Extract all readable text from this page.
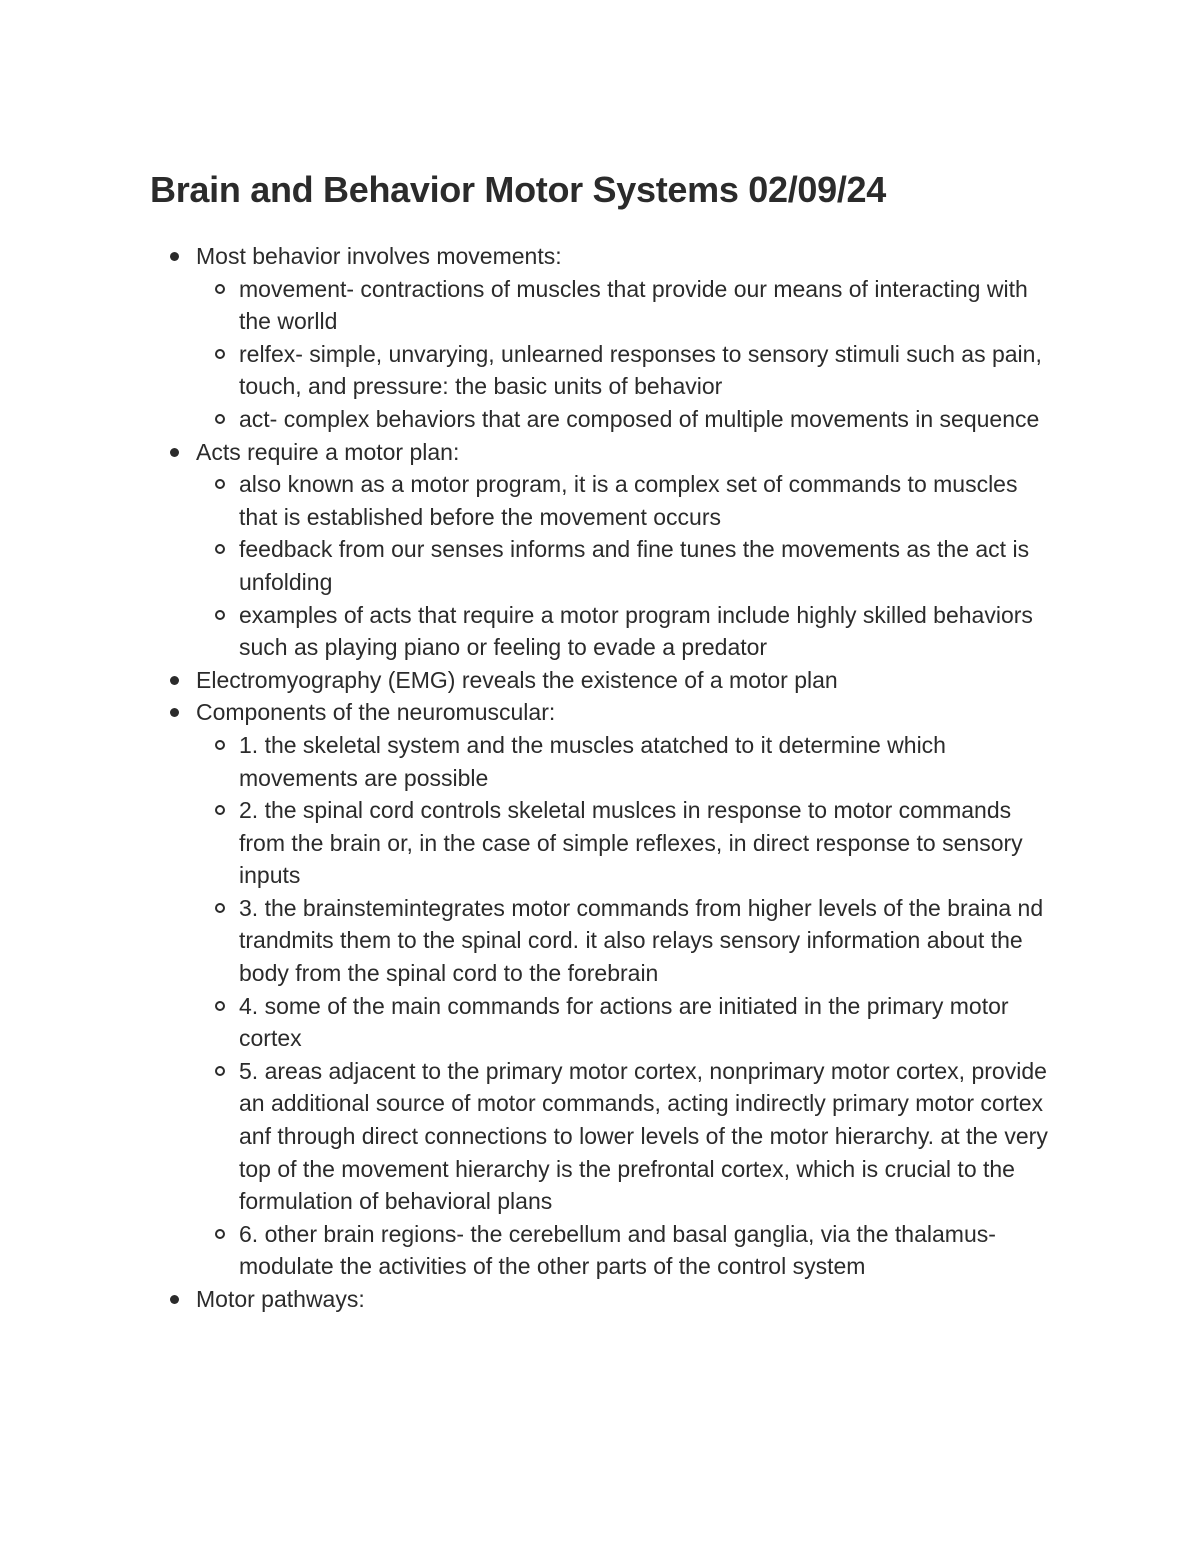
Brain and Behavior Motor Systems 02/09/24
Most behavior involves movements:
movement- contractions of muscles that provide our means of interacting with the worlld
relfex- simple, unvarying, unlearned responses to sensory stimuli such as pain, touch, and pressure: the basic units of behavior
act- complex behaviors that are composed of multiple movements in sequence
Acts require a motor plan:
also known as a motor program, it is a complex set of commands to muscles that is established before the movement occurs
feedback from our senses informs and fine tunes the movements as the act is unfolding
examples of acts that require a motor program include highly skilled behaviors such as playing piano or feeling to evade a predator
Electromyography (EMG) reveals the existence of a motor plan
Components of the neuromuscular:
1. the skeletal system and the muscles atatched to it determine which movements are possible
2. the spinal cord controls skeletal muslces in response to motor commands from the brain or, in the case of simple reflexes, in direct response to sensory inputs
3. the brainstemintegrates motor commands from higher levels of the braina nd trandmits them to the spinal cord. it also relays sensory information about the body from the spinal cord to the forebrain
4. some of the main commands for actions are initiated in the primary motor cortex
5. areas adjacent to the primary motor cortex, nonprimary motor cortex, provide an additional source of motor commands, acting indirectly primary motor cortex anf through direct connections to lower levels of the motor hierarchy. at the very top of the movement hierarchy is the prefrontal cortex, which is crucial to the formulation of behavioral plans
6. other brain regions- the cerebellum and basal ganglia, via the thalamus- modulate the activities of the other parts of the control system
Motor pathways:
